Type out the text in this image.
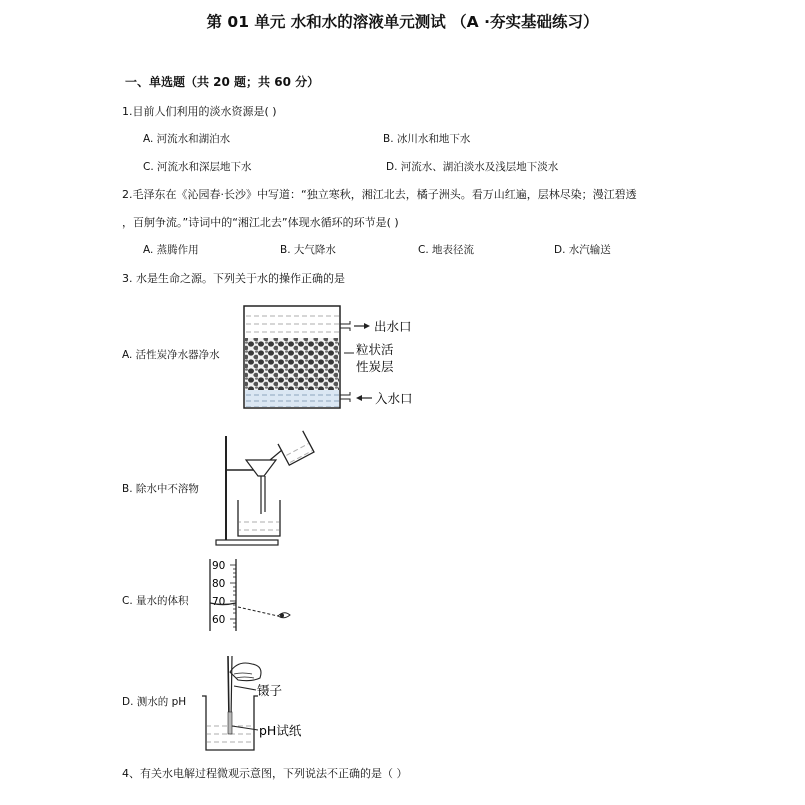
第 01 单元 水和水的溶液单元测试 （A ·夯实基础练习）
一、单选题（共 20 题；共 60 分）
1.目前人们利用的淡水资源是( )
A. 河流水和湖泊水	B. 冰川水和地下水
C. 河流水和深层地下水	D. 河流水、湖泊淡水及浅层地下淡水
2.毛泽东在《沁园春·长沙》中写道：“独立寒秋，湘江北去，橘子洲头。看万山红遍，层林尽染；漫江碧透
，百舸争流。”诗词中的“湘江北去”体现水循环的环节是( )
A. 蒸腾作用	B. 大气降水	C. 地表径流	D. 水汽输送
3. 水是生命之源。下列关于水的操作正确的是
A. 活性炭净水器净水
出水口
粒状活
性炭层
入水口
B. 除水中不溶物
C. 量水的体积
90
80
70
60
D. 测水的 pH
镊子
pH试纸
4、有关水电解过程微观示意图，下列说法不正确的是（ ）
